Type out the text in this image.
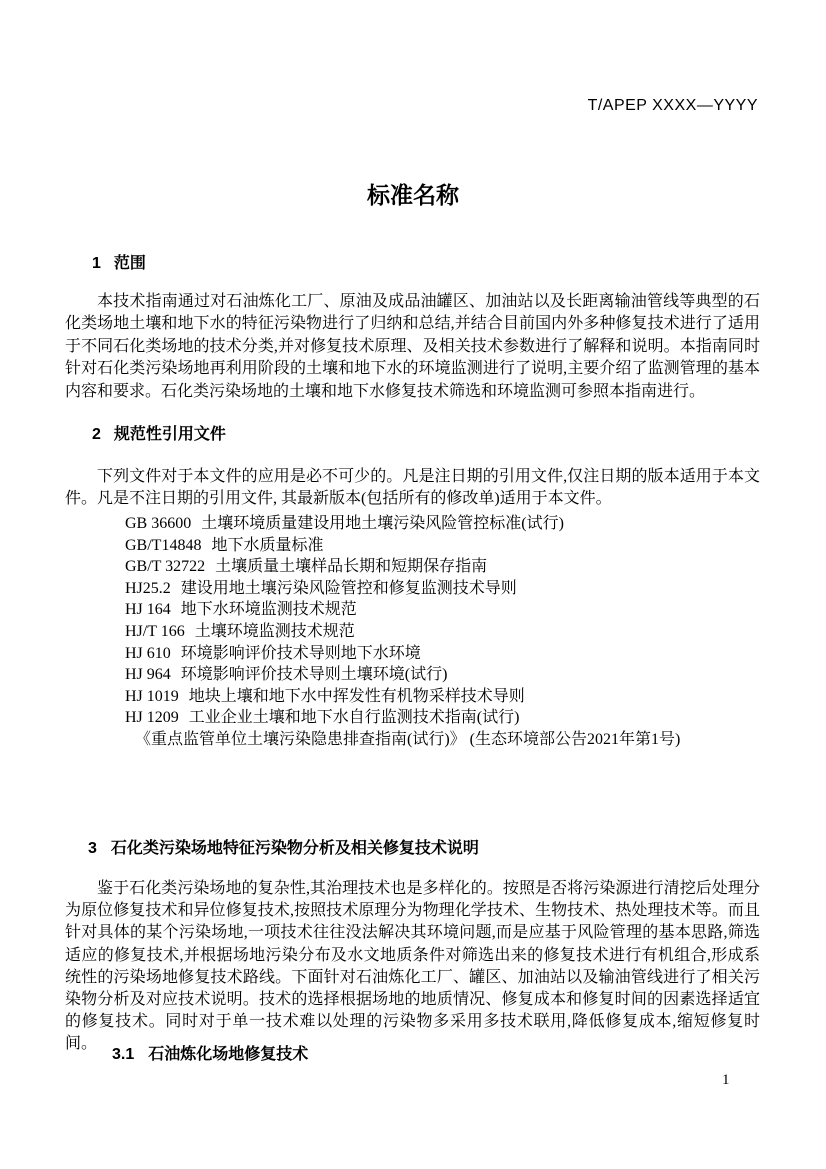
T/APEP XXXX—YYYY
标准名称
1 范围
本技术指南通过对石油炼化工厂、原油及成品油罐区、加油站以及长距离输油管线等典型的石化类场地土壤和地下水的特征污染物进行了归纳和总结,并结合目前国内外多种修复技术进行了适用于不同石化类场地的技术分类,并对修复技术原理、及相关技术参数进行了解释和说明。本指南同时针对石化类污染场地再利用阶段的土壤和地下水的环境监测进行了说明,主要介绍了监测管理的基本内容和要求。石化类污染场地的土壤和地下水修复技术筛选和环境监测可参照本指南进行。
2 规范性引用文件
下列文件对于本文件的应用是必不可少的。凡是注日期的引用文件,仅注日期的版本适用于本文件。凡是不注日期的引用文件, 其最新版本(包括所有的修改单)适用于本文件。
GB 36600 土壤环境质量建设用地土壤污染风险管控标准(试行)
GB/T14848 地下水质量标准
GB/T 32722 土壤质量土壤样品长期和短期保存指南
HJ25.2 建设用地土壤污染风险管控和修复监测技术导则
HJ 164 地下水环境监测技术规范
HJ/T 166 土壤环境监测技术规范
HJ 610 环境影响评价技术导则地下水环境
HJ 964 环境影响评价技术导则土壤环境(试行)
HJ 1019 地块上壤和地下水中挥发性有机物采样技术导则
HJ 1209 工业企业土壤和地下水自行监测技术指南(试行)
《重点监管单位土壤污染隐患排查指南(试行)》 (生态环境部公告2021年第1号)
3 石化类污染场地特征污染物分析及相关修复技术说明
鉴于石化类污染场地的复杂性,其治理技术也是多样化的。按照是否将污染源进行清挖后处理分为原位修复技术和异位修复技术,按照技术原理分为物理化学技术、生物技术、热处理技术等。而且针对具体的某个污染场地,一项技术往往没法解决其环境问题,而是应基于风险管理的基本思路,筛选适应的修复技术,并根据场地污染分布及水文地质条件对筛选出来的修复技术进行有机组合,形成系统性的污染场地修复技术路线。下面针对石油炼化工厂、罐区、加油站以及输油管线进行了相关污染物分析及对应技术说明。技术的选择根据场地的地质情况、修复成本和修复时间的因素选择适宜的修复技术。同时对于单一技术难以处理的污染物多采用多技术联用,降低修复成本,缩短修复时间。
3.1 石油炼化场地修复技术
1
